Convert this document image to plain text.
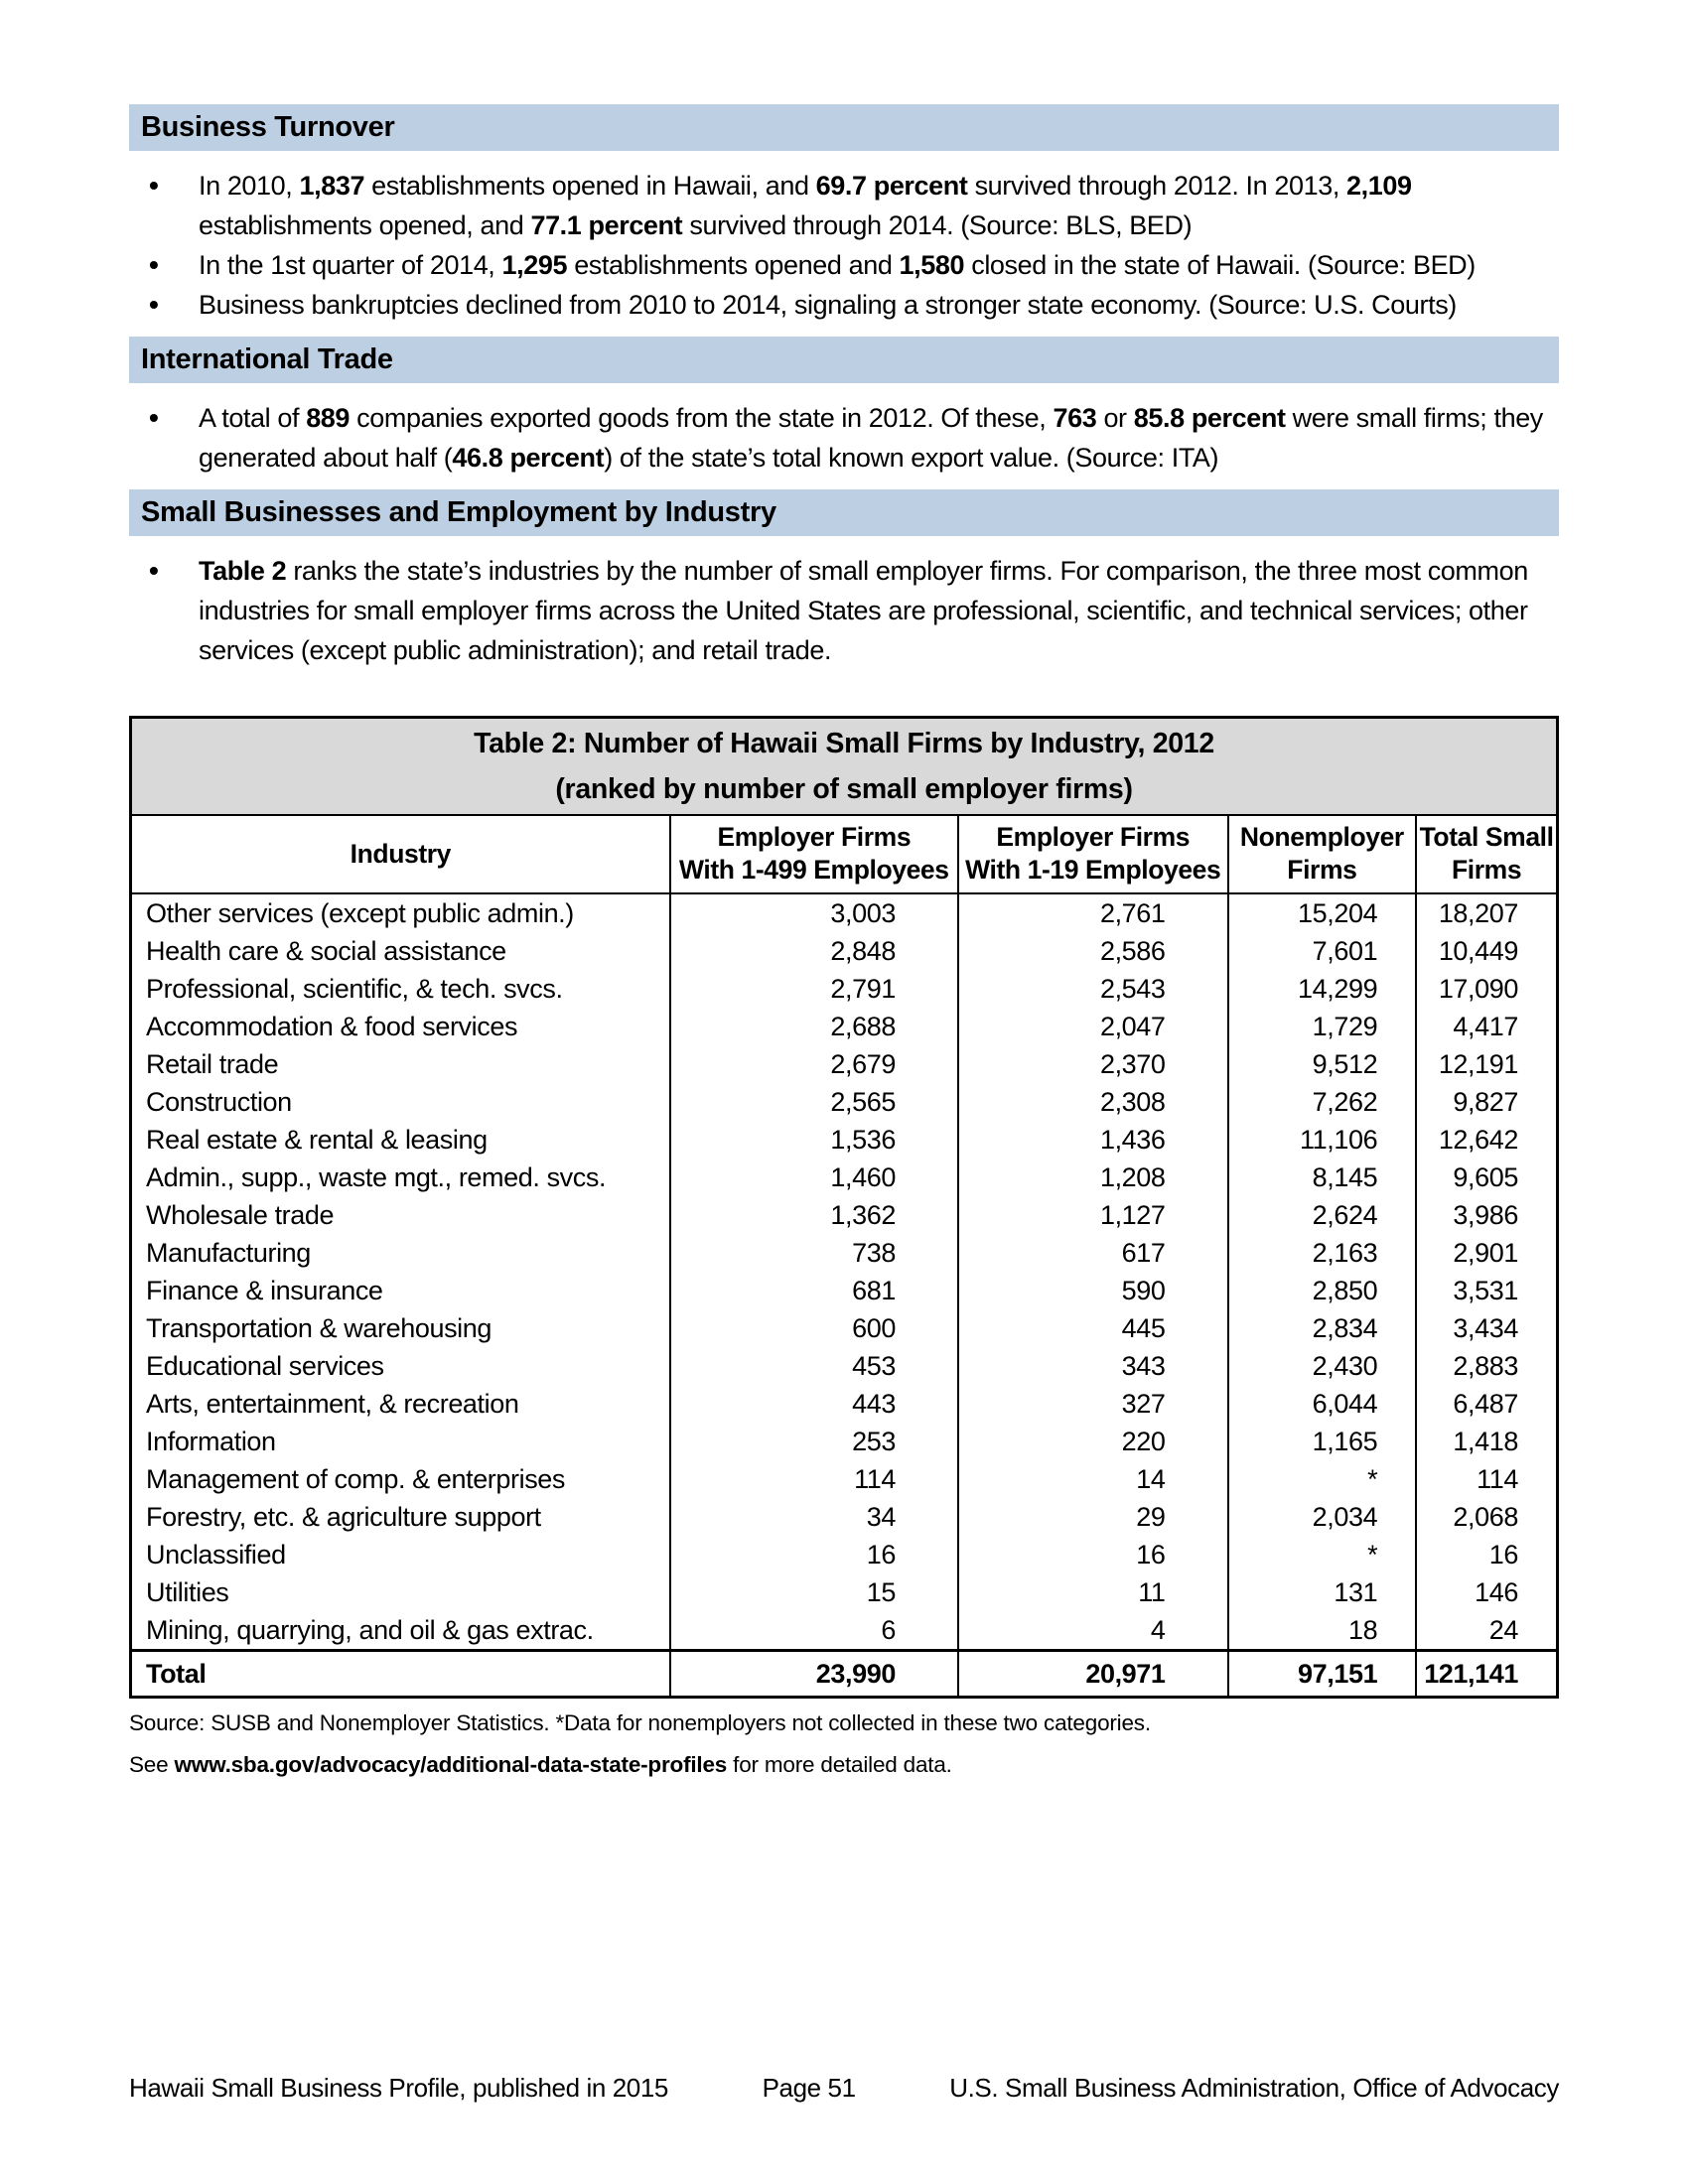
Business Turnover
• In 2010, 1,837 establishments opened in Hawaii, and 69.7 percent survived through 2012. In 2013, 2,109 establishments opened, and 77.1 percent survived through 2014. (Source: BLS, BED)
• In the 1st quarter of 2014, 1,295 establishments opened and 1,580 closed in the state of Hawaii. (Source: BED)
• Business bankruptcies declined from 2010 to 2014, signaling a stronger state economy. (Source: U.S. Courts)
International Trade
• A total of 889 companies exported goods from the state in 2012. Of these, 763 or 85.8 percent were small firms; they generated about half (46.8 percent) of the state’s total known export value. (Source: ITA)
Small Businesses and Employment by Industry
• Table 2 ranks the state’s industries by the number of small employer firms. For comparison, the three most common industries for small employer firms across the United States are professional, scientific, and technical services; other services (except public administration); and retail trade.
Table 2: Number of Hawaii Small Firms by Industry, 2012
(ranked by number of small employer firms)				

Industry	
Employer Firms
With 1-499 Employees

Employer Firms
With 1-19 Employees

Nonemployer
Firms

Total Small
Firms

Other services (except public admin.)	3,003	2,761	15,204	18,207
Health care & social assistance	2,848	2,586	7,601	10,449
Professional, scientific, & tech. svcs.	2,791	2,543	14,299	17,090
Accommodation & food services	2,688	2,047	1,729	4,417
Retail trade	2,679	2,370	9,512	12,191
Construction	2,565	2,308	7,262	9,827
Real estate & rental & leasing	1,536	1,436	11,106	12,642
Admin., supp., waste mgt., remed. svcs.	1,460	1,208	8,145	9,605
Wholesale trade	1,362	1,127	2,624	3,986
Manufacturing	738	617	2,163	2,901
Finance & insurance	681	590	2,850	3,531
Transportation & warehousing	600	445	2,834	3,434
Educational services	453	343	2,430	2,883
Arts, entertainment, & recreation	443	327	6,044	6,487
Information	253	220	1,165	1,418
Management of comp. & enterprises	114	14	*	114
Forestry, etc. & agriculture support	34	29	2,034	2,068
Unclassified	16	16	*	16
Utilities	15	11	131	146
Mining, quarrying, and oil & gas extrac.	6	4	18	24
Total	23,990	20,971	97,151	121,141
Source: SUSB and Nonemployer Statistics. *Data for nonemployers not collected in these two categories.
See www.sba.gov/advocacy/additional-data-state-profiles for more detailed data.
Hawaii Small Business Profile, published in 2015	Page 51	U.S. Small Business Administration, Office of Advocacy
